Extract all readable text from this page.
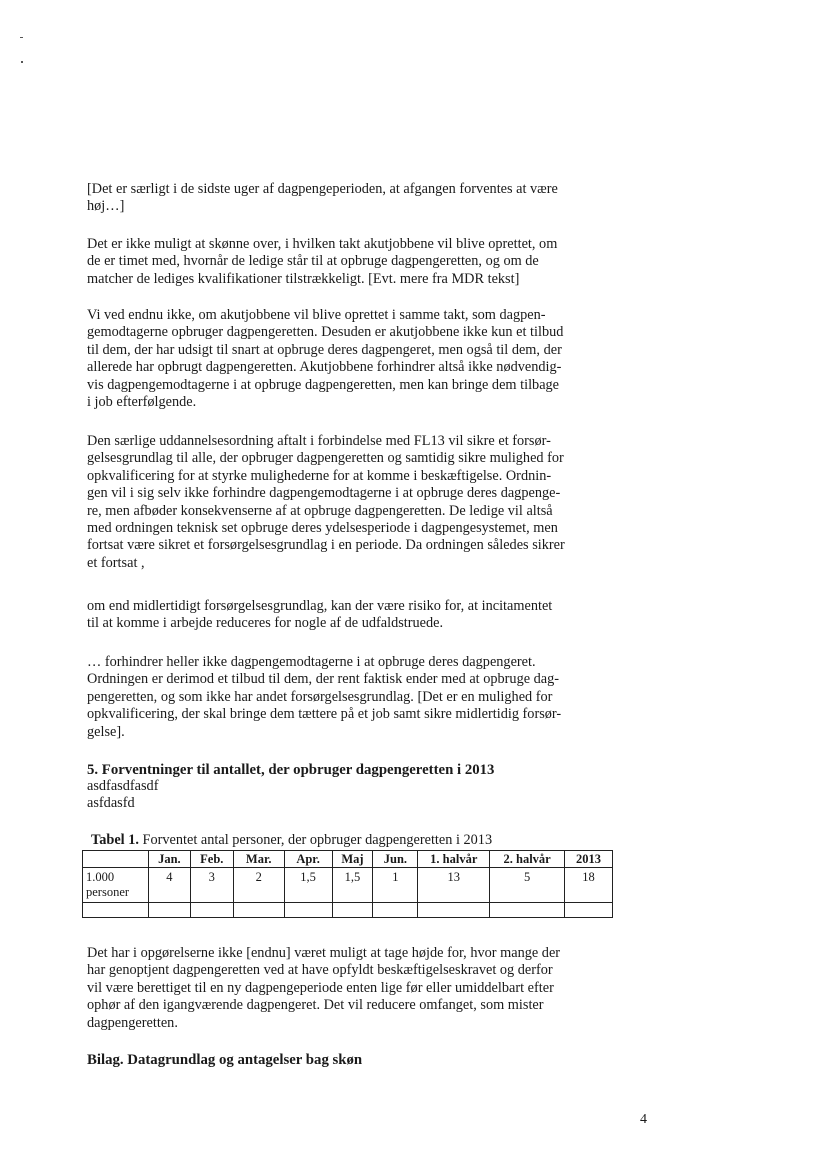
[Det er særligt i de sidste uger af dagpengeperioden, at afgangen forventes at være
høj…]
Det er ikke muligt at skønne over, i hvilken takt akutjobbene vil blive oprettet, om
de er timet med, hvornår de ledige står til at opbruge dagpengeretten, og om de
matcher de lediges kvalifikationer tilstrækkeligt. [Evt. mere fra MDR tekst]
Vi ved endnu ikke, om akutjobbene vil blive oprettet i samme takt, som dagpen-
gemodtagerne opbruger dagpengeretten. Desuden er akutjobbene ikke kun et tilbud
til dem, der har udsigt til snart at opbruge deres dagpengeret, men også til dem, der
allerede har opbrugt dagpengeretten. Akutjobbene forhindrer altså ikke nødvendig-
vis dagpengemodtagerne i at opbruge dagpengeretten, men kan bringe dem tilbage
i job efterfølgende.
Den særlige uddannelsesordning aftalt i forbindelse med FL13 vil sikre et forsør-
gelsesgrundlag til alle, der opbruger dagpengeretten og samtidig sikre mulighed for
opkvalificering for at styrke mulighederne for at komme i beskæftigelse. Ordnin-
gen vil i sig selv ikke forhindre dagpengemodtagerne i at opbruge deres dagpenge-
re, men afbøder konsekvenserne af at opbruge dagpengeretten. De ledige vil altså
med ordningen teknisk set opbruge deres ydelsesperiode i dagpengesystemet, men
fortsat være sikret et forsørgelsesgrundlag i en periode. Da ordningen således sikrer
et fortsat ,
om end midlertidigt forsørgelsesgrundlag, kan der være risiko for, at incitamentet
til at komme i arbejde reduceres for nogle af de udfaldstruede.
… forhindrer heller ikke dagpengemodtagerne i at opbruge deres dagpengeret.
Ordningen er derimod et tilbud til dem, der rent faktisk ender med at opbruge dag-
pengeretten, og som ikke har andet forsørgelsesgrundlag. [Det er en mulighed for
opkvalificering, der skal bringe dem tættere på et job samt sikre midlertidig forsør-
gelse].
5. Forventninger til antallet, der opbruger dagpengeretten i 2013

asdfasdfasdf

asfdasfd

Tabel 1. Forventet antal personer, der opbruger dagpengeretten i 2013

	Jan.	Feb.	Mar.	Apr.	Maj	Jun.	1. halvår	2. halvår	2013
1.000
personer	4	3	2	1,5	1,5	1	13	5	18

Det har i opgørelserne ikke [endnu] været muligt at tage højde for, hvor mange der
har genoptjent dagpengeretten ved at have opfyldt beskæftigelseskravet og derfor
vil være berettiget til en ny dagpengeperiode enten lige før eller umiddelbart efter
ophør af den igangværende dagpengeret. Det vil reducere omfanget, som mister
dagpengeretten.
Bilag. Datagrundlag og antagelser bag skøn
4
